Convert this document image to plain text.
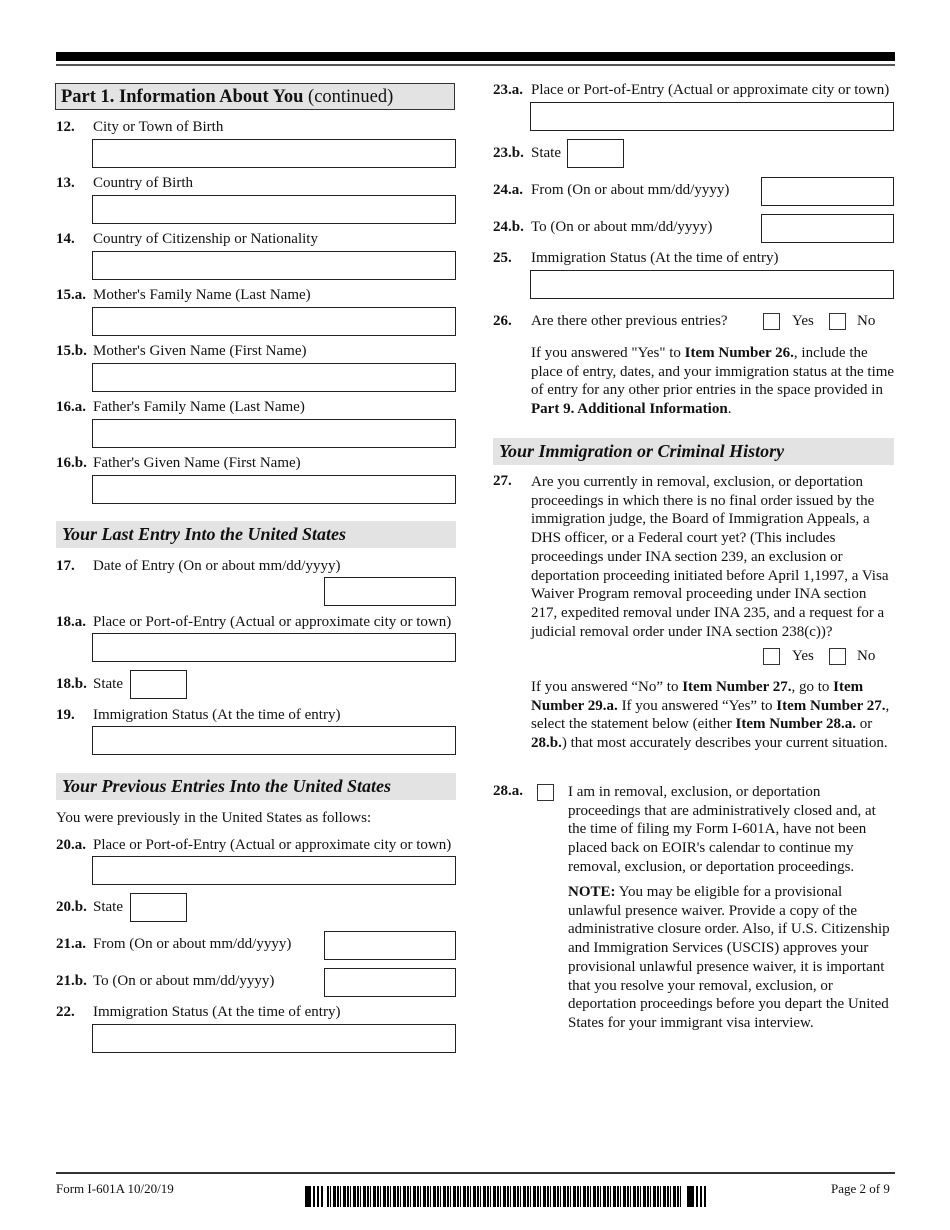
Part 1. Information About You (continued)
12. City or Town of Birth
13. Country of Birth
14. Country of Citizenship or Nationality
15.a. Mother's Family Name (Last Name)
15.b. Mother's Given Name (First Name)
16.a. Father's Family Name (Last Name)
16.b. Father's Given Name (First Name)
Your Last Entry Into the United States
17. Date of Entry (On or about mm/dd/yyyy)
18.a. Place or Port-of-Entry (Actual or approximate city or town)
18.b. State
19. Immigration Status (At the time of entry)
Your Previous Entries Into the United States
You were previously in the United States as follows:
20.a. Place or Port-of-Entry (Actual or approximate city or town)
20.b. State
21.a. From (On or about mm/dd/yyyy)
21.b. To (On or about mm/dd/yyyy)
22. Immigration Status (At the time of entry)
23.a. Place or Port-of-Entry (Actual or approximate city or town)
23.b. State
24.a. From (On or about mm/dd/yyyy)
24.b. To (On or about mm/dd/yyyy)
25. Immigration Status (At the time of entry)
26. Are there other previous entries?	Yes	No
If you answered "Yes" to Item Number 26., include the place of entry, dates, and your immigration status at the time of entry for any other prior entries in the space provided in Part 9. Additional Information.
Your Immigration or Criminal History
27. Are you currently in removal, exclusion, or deportation proceedings in which there is no final order issued by the immigration judge, the Board of Immigration Appeals, a DHS officer, or a Federal court yet? (This includes proceedings under INA section 239, an exclusion or deportation proceeding initiated before April 1,1997, a Visa Waiver Program removal proceeding under INA section 217, expedited removal under INA 235, and a request for a judicial removal order under INA section 238(c))?
Yes	No
If you answered “No” to Item Number 27., go to Item Number 29.a. If you answered “Yes” to Item Number 27., select the statement below (either Item Number 28.a. or 28.b.) that most accurately describes your current situation.
28.a.	I am in removal, exclusion, or deportation proceedings that are administratively closed and, at the time of filing my Form I-601A, have not been placed back on EOIR's calendar to continue my removal, exclusion, or deportation proceedings.
NOTE: You may be eligible for a provisional unlawful presence waiver. Provide a copy of the administrative closure order. Also, if U.S. Citizenship and Immigration Services (USCIS) approves your provisional unlawful presence waiver, it is important that you resolve your removal, exclusion, or deportation proceedings before you depart the United States for your immigrant visa interview.
Form I-601A 10/20/19	Page 2 of 9
